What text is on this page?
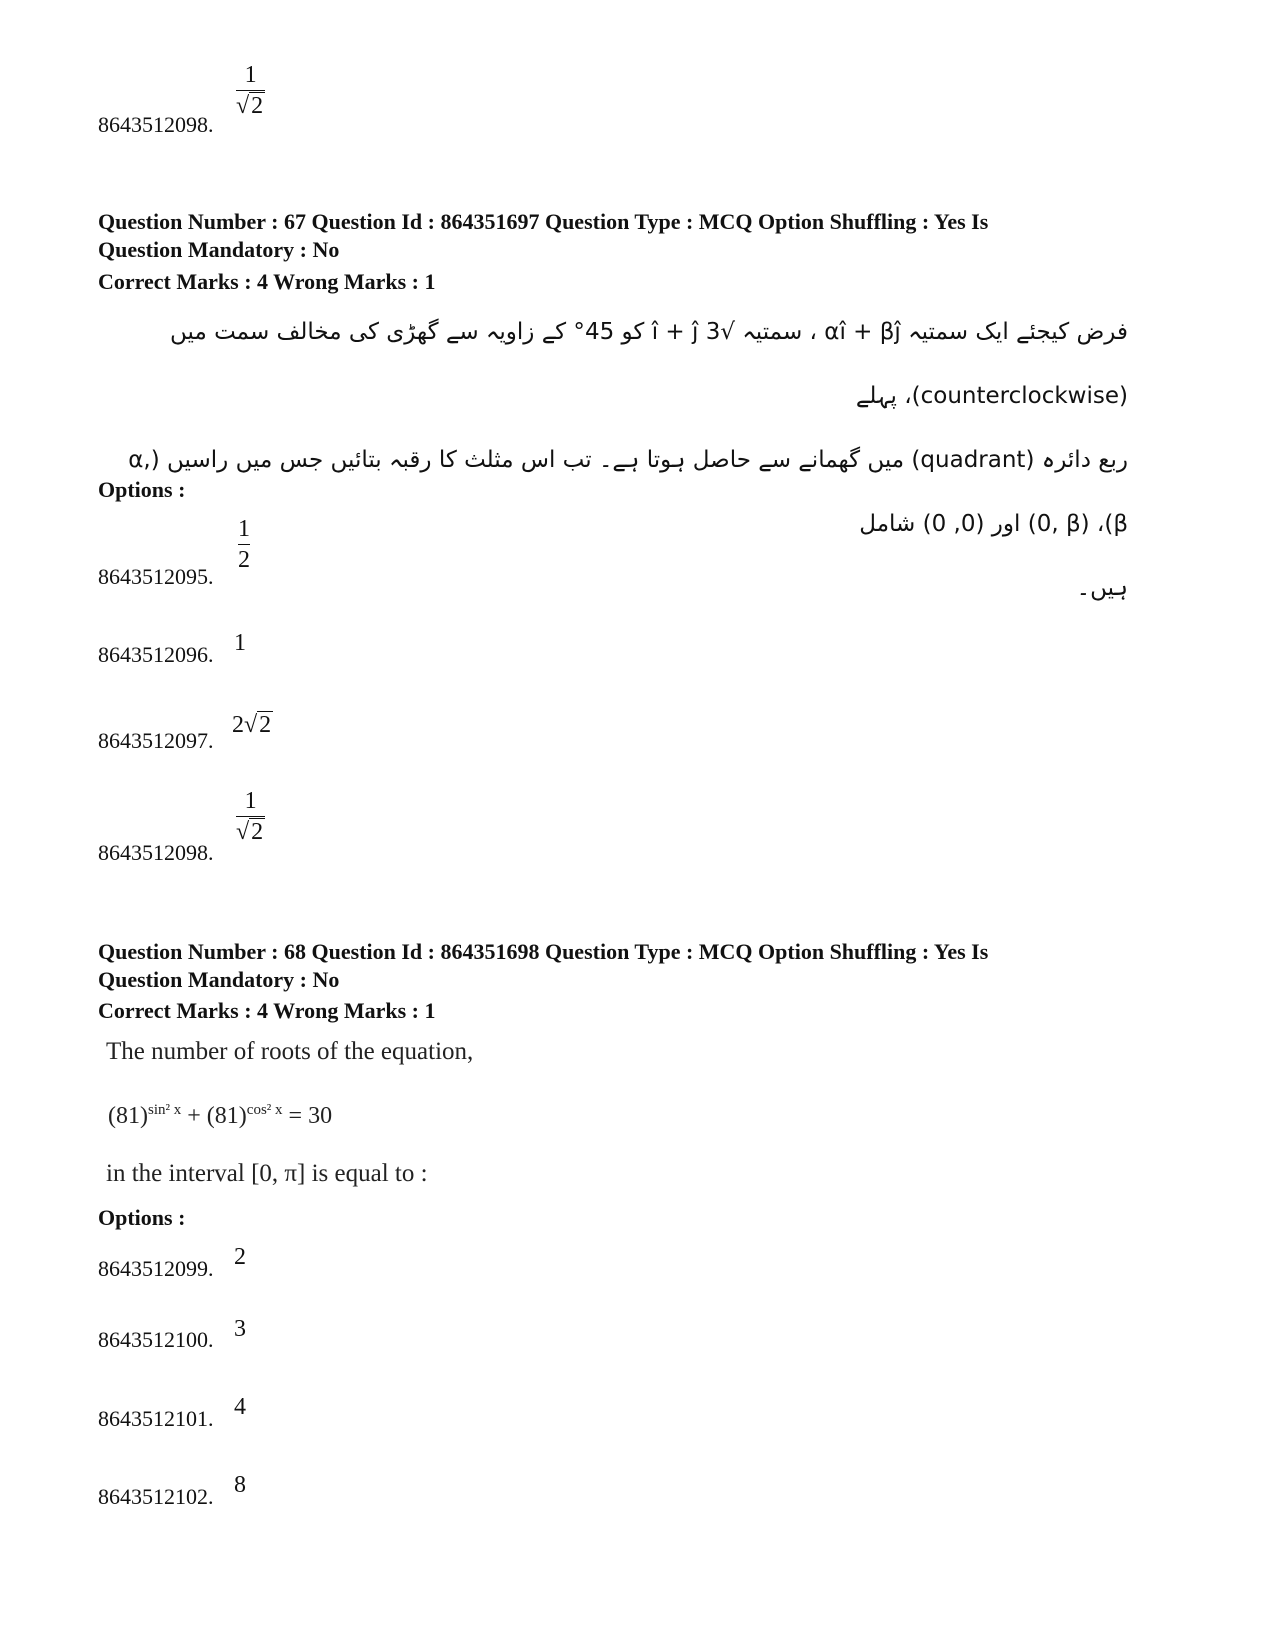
8643512098.
1
√2
Question Number : 67 Question Id : 864351697 Question Type : MCQ Option Shuffling : Yes Is
Question Mandatory : No
Correct Marks : 4 Wrong Marks : 1
فرض کیجئے ایک سمتیہ αî + βĵ ، سمتیہ √3 î + ĵ کو 45° کے زاویہ سے گھڑی کی مخالف سمت میں (counterclockwise)، پہلے
ربع دائرہ (quadrant) میں گھمانے سے حاصل ہوتا ہے۔ تب اس مثلث کا رقبہ بتائیں جس میں راسیں (α, β)، (0, β) اور (0, 0) شامل
ہیں۔
Options :
8643512095.
1
2
8643512096. 1
8643512097.
2√2
8643512098.
1
√2
Question Number : 68 Question Id : 864351698 Question Type : MCQ Option Shuffling : Yes Is
Question Mandatory : No
Correct Marks : 4 Wrong Marks : 1
The number of roots of the equation,
$(81)^{sin^2 x} + (81)^{cos^2 x} = 30$
in the interval [0, π] is equal to :
Options :
8643512099. 2
8643512100. 3
8643512101. 4
8643512102. 8
